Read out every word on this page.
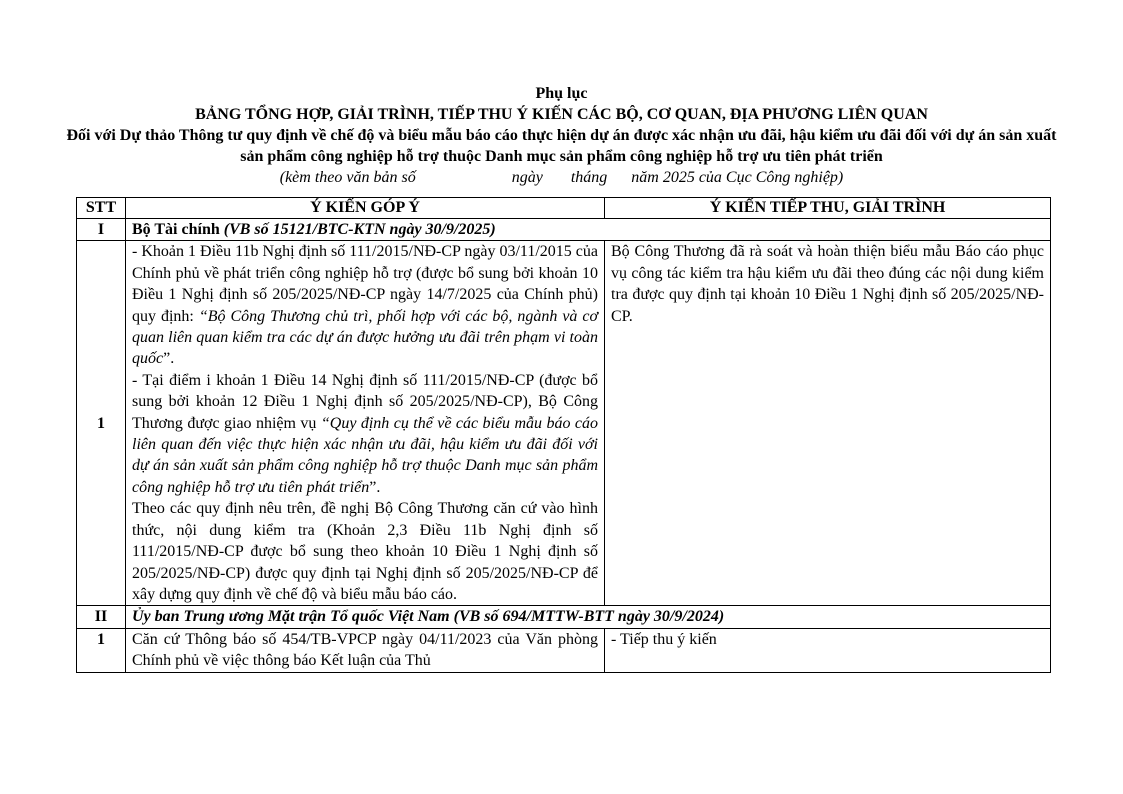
Phụ lục
BẢNG TỔNG HỢP, GIẢI TRÌNH, TIẾP THU Ý KIẾN CÁC BỘ, CƠ QUAN, ĐỊA PHƯƠNG LIÊN QUAN
Đối với Dự thảo Thông tư quy định về chế độ và biểu mẫu báo cáo thực hiện dự án được xác nhận ưu đãi, hậu kiểm ưu đãi đối với dự án sản xuất sản phẩm công nghiệp hỗ trợ thuộc Danh mục sản phẩm công nghiệp hỗ trợ ưu tiên phát triển
(kèm theo văn bản số	ngày tháng năm 2025 của Cục Công nghiệp)
STT	Ý KIẾN GÓP Ý	Ý KIẾN TIẾP THU, GIẢI TRÌNH
I	Bộ Tài chính (VB số 15121/BTC-KTN ngày 30/9/2025)	
1	- Khoản 1 Điều 11b Nghị định số 111/2015/NĐ-CP ngày 03/11/2015 của Chính phủ về phát triển công nghiệp hỗ trợ (được bổ sung bởi khoản 10 Điều 1 Nghị định số 205/2025/NĐ-CP ngày 14/7/2025 của Chính phủ) quy định: “Bộ Công Thương chủ trì, phối hợp với các bộ, ngành và cơ quan liên quan kiểm tra các dự án được hưởng ưu đãi trên phạm vi toàn quốc”.

- Tại điểm i khoản 1 Điều 14 Nghị định số 111/2015/NĐ-CP (được bổ sung bởi khoản 12 Điều 1 Nghị định số 205/2025/NĐ-CP), Bộ Công Thương được giao nhiệm vụ “Quy định cụ thể về các biểu mẫu báo cáo liên quan đến việc thực hiện xác nhận ưu đãi, hậu kiểm ưu đãi đối với dự án sản xuất sản phẩm công nghiệp hỗ trợ thuộc Danh mục sản phẩm công nghiệp hỗ trợ ưu tiên phát triển”.

Theo các quy định nêu trên, đề nghị Bộ Công Thương căn cứ vào hình thức, nội dung kiểm tra (Khoản 2,3 Điều 11b Nghị định số 111/2015/NĐ-CP được bổ sung theo khoản 10 Điều 1 Nghị định số 205/2025/NĐ-CP) được quy định tại Nghị định số 205/2025/NĐ-CP để xây dựng quy định về chế độ và biểu mẫu báo cáo.	Bộ Công Thương đã rà soát và hoàn thiện biểu mẫu Báo cáo phục vụ công tác kiểm tra hậu kiểm ưu đãi theo đúng các nội dung kiểm tra được quy định tại khoản 10 Điều 1 Nghị định số 205/2025/NĐ-CP.
II	Ủy ban Trung ương Mặt trận Tổ quốc Việt Nam (VB số 694/MTTW-BTT ngày 30/9/2024)	
1	Căn cứ Thông báo số 454/TB-VPCP ngày 04/11/2023 của Văn phòng Chính phủ về việc thông báo Kết luận của Thủ	- Tiếp thu ý kiến
